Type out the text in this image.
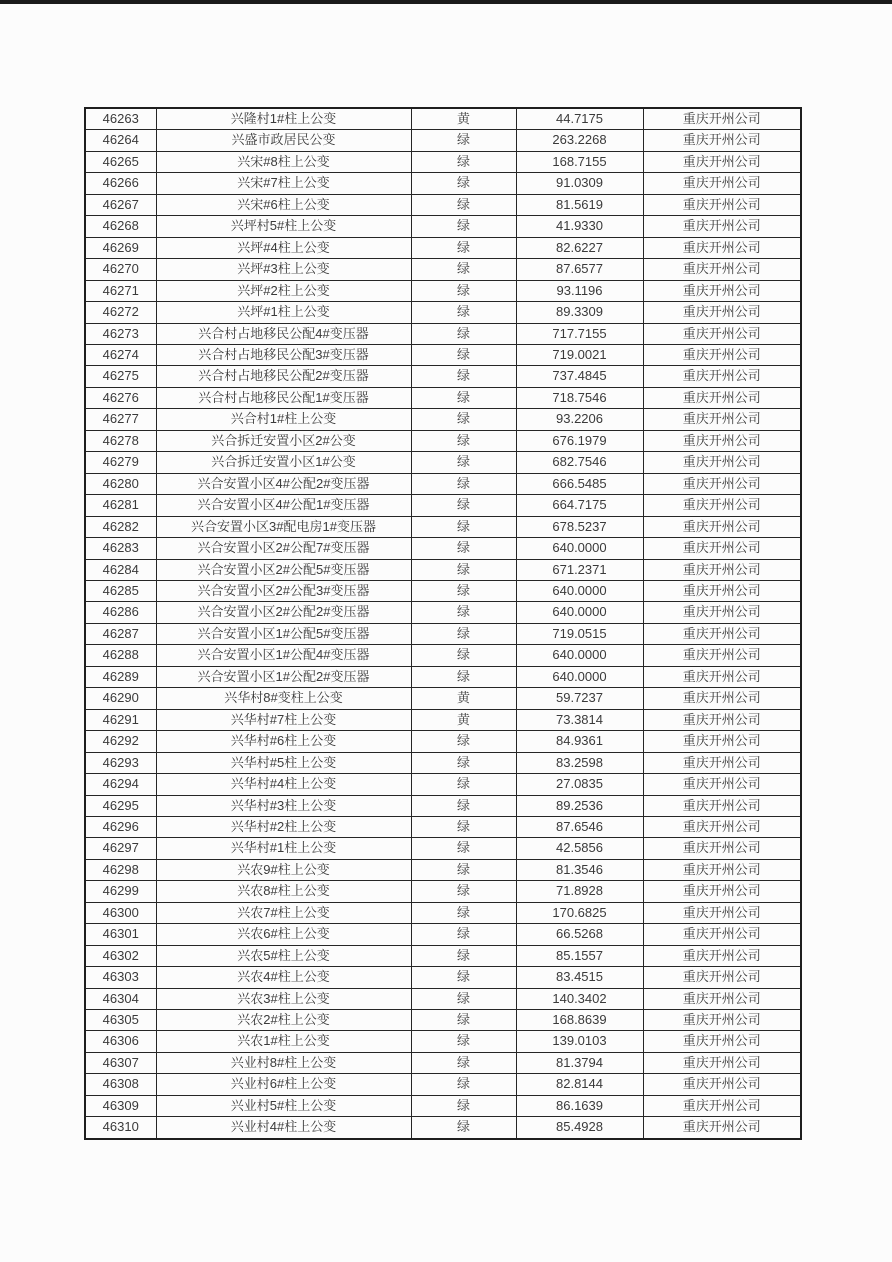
46263	兴隆村1#柱上公变	黄	44.7175	重庆开州公司
46264	兴盛市政居民公变	绿	263.2268	重庆开州公司
46265	兴宋#8柱上公变	绿	168.7155	重庆开州公司
46266	兴宋#7柱上公变	绿	91.0309	重庆开州公司
46267	兴宋#6柱上公变	绿	81.5619	重庆开州公司
46268	兴坪村5#柱上公变	绿	41.9330	重庆开州公司
46269	兴坪#4柱上公变	绿	82.6227	重庆开州公司
46270	兴坪#3柱上公变	绿	87.6577	重庆开州公司
46271	兴坪#2柱上公变	绿	93.1196	重庆开州公司
46272	兴坪#1柱上公变	绿	89.3309	重庆开州公司
46273	兴合村占地移民公配4#变压器	绿	717.7155	重庆开州公司
46274	兴合村占地移民公配3#变压器	绿	719.0021	重庆开州公司
46275	兴合村占地移民公配2#变压器	绿	737.4845	重庆开州公司
46276	兴合村占地移民公配1#变压器	绿	718.7546	重庆开州公司
46277	兴合村1#柱上公变	绿	93.2206	重庆开州公司
46278	兴合拆迁安置小区2#公变	绿	676.1979	重庆开州公司
46279	兴合拆迁安置小区1#公变	绿	682.7546	重庆开州公司
46280	兴合安置小区4#公配2#变压器	绿	666.5485	重庆开州公司
46281	兴合安置小区4#公配1#变压器	绿	664.7175	重庆开州公司
46282	兴合安置小区3#配电房1#变压器	绿	678.5237	重庆开州公司
46283	兴合安置小区2#公配7#变压器	绿	640.0000	重庆开州公司
46284	兴合安置小区2#公配5#变压器	绿	671.2371	重庆开州公司
46285	兴合安置小区2#公配3#变压器	绿	640.0000	重庆开州公司
46286	兴合安置小区2#公配2#变压器	绿	640.0000	重庆开州公司
46287	兴合安置小区1#公配5#变压器	绿	719.0515	重庆开州公司
46288	兴合安置小区1#公配4#变压器	绿	640.0000	重庆开州公司
46289	兴合安置小区1#公配2#变压器	绿	640.0000	重庆开州公司
46290	兴华村8#变柱上公变	黄	59.7237	重庆开州公司
46291	兴华村#7柱上公变	黄	73.3814	重庆开州公司
46292	兴华村#6柱上公变	绿	84.9361	重庆开州公司
46293	兴华村#5柱上公变	绿	83.2598	重庆开州公司
46294	兴华村#4柱上公变	绿	27.0835	重庆开州公司
46295	兴华村#3柱上公变	绿	89.2536	重庆开州公司
46296	兴华村#2柱上公变	绿	87.6546	重庆开州公司
46297	兴华村#1柱上公变	绿	42.5856	重庆开州公司
46298	兴农9#柱上公变	绿	81.3546	重庆开州公司
46299	兴农8#柱上公变	绿	71.8928	重庆开州公司
46300	兴农7#柱上公变	绿	170.6825	重庆开州公司
46301	兴农6#柱上公变	绿	66.5268	重庆开州公司
46302	兴农5#柱上公变	绿	85.1557	重庆开州公司
46303	兴农4#柱上公变	绿	83.4515	重庆开州公司
46304	兴农3#柱上公变	绿	140.3402	重庆开州公司
46305	兴农2#柱上公变	绿	168.8639	重庆开州公司
46306	兴农1#柱上公变	绿	139.0103	重庆开州公司
46307	兴业村8#柱上公变	绿	81.3794	重庆开州公司
46308	兴业村6#柱上公变	绿	82.8144	重庆开州公司
46309	兴业村5#柱上公变	绿	86.1639	重庆开州公司
46310	兴业村4#柱上公变	绿	85.4928	重庆开州公司
